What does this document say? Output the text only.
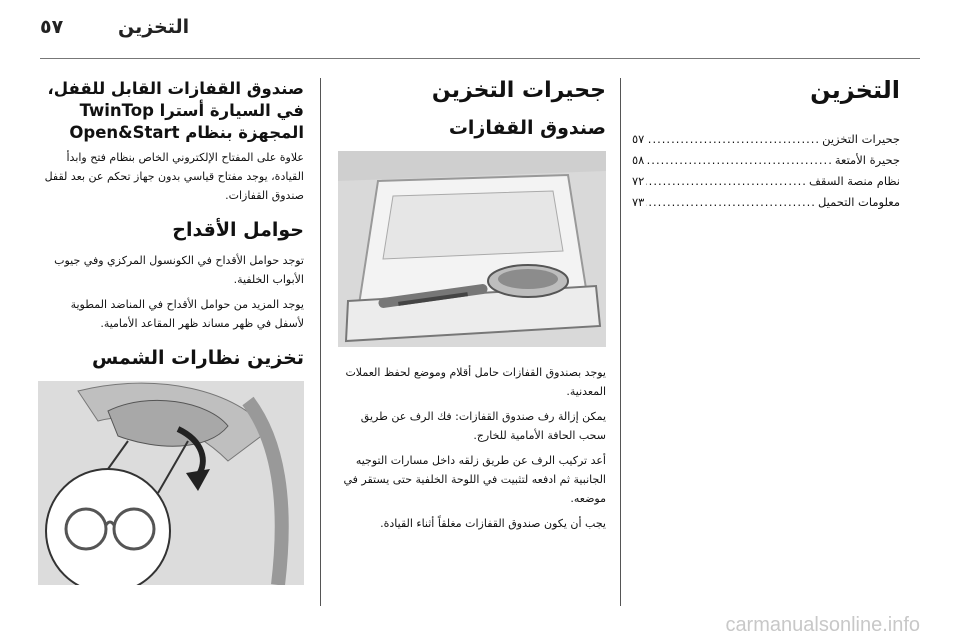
٥٧	التخزين
التخزين
جحيرات التخزين
.....
٥٧
جحيرة الأمتعة
.....
٥٨
نظام منصة السقف
.....
٧٢
معلومات التحميل
.....
٧٣
جحيرات التخزين
صندوق القفازات

يوجد بصندوق القفازات حامل أقلام وموضع لحفظ العملات المعدنية.

يمكن إزالة رف صندوق القفازات: فك الرف عن طريق سحب الحافة الأمامية للخارج.

أعد تركيب الرف عن طريق زلقه داخل مسارات التوجيه الجانبية ثم ادفعه لتثبيت في اللوحة الخلفية حتى يستقر في موضعه.

يجب أن يكون صندوق القفازات مغلقاً أثناء القيادة.

صندوق القفازات القابل للقفل، في السيارة أسترا TwinTop المجهزة بنظام Open&Start

علاوة على المفتاح الإلكتروني الخاص بنظام فتح وابدأ القيادة، يوجد مفتاح قياسي بدون جهاز تحكم عن بعد لقفل صندوق القفازات.

حوامل الأقداح

توجد حوامل الأقداح في الكونسول المركزي وفي جيوب الأبواب الخلفية.

يوجد المزيد من حوامل الأقداح في المناضد المطوية لأسفل في ظهر مساند ظهر المقاعد الأمامية.

تخزين نظارات الشمس
carmanualsonline.info
